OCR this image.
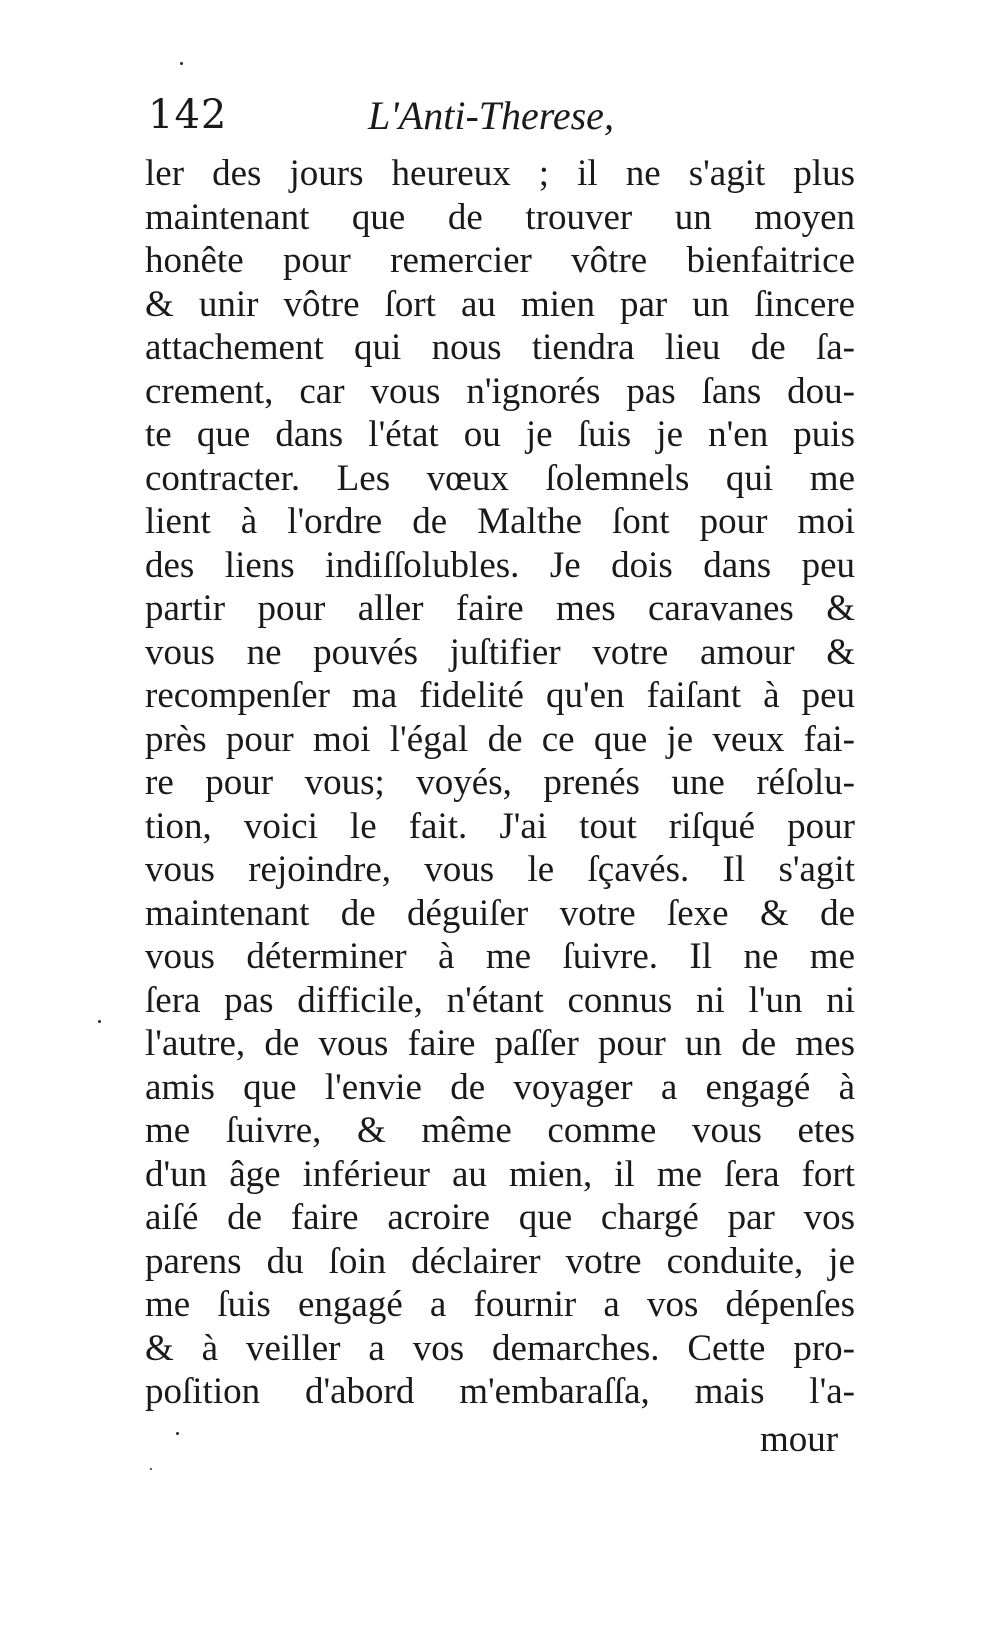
142	L'Anti-Therese,
ler des jours heureux ; il ne s'agit plus
maintenant que de trouver un moyen
honête pour remercier vôtre bienfaitrice
& unir vôtre ſort au mien par un ſincere
attachement qui nous tiendra lieu de ſa-
crement, car vous n'ignorés pas ſans dou-
te que dans l'état ou je ſuis je n'en puis
contracter. Les vœux ſolemnels qui me
lient à l'ordre de Malthe ſont pour moi
des liens indiſſolubles. Je dois dans peu
partir pour aller faire mes caravanes &
vous ne pouvés juſtifier votre amour &
recompenſer ma fidelité qu'en faiſant à peu
près pour moi l'égal de ce que je veux fai-
re pour vous; voyés, prenés une réſolu-
tion, voici le fait. J'ai tout riſqué pour
vous rejoindre, vous le ſçavés. Il s'agit
maintenant de déguiſer votre ſexe & de
vous déterminer à me ſuivre. Il ne me
ſera pas difficile, n'étant connus ni l'un ni
l'autre, de vous faire paſſer pour un de mes
amis que l'envie de voyager a engagé à
me ſuivre, & même comme vous etes
d'un âge inférieur au mien, il me ſera fort
aiſé de faire acroire que chargé par vos
parens du ſoin déclairer votre conduite, je
me ſuis engagé a fournir a vos dépenſes
& à veiller a vos demarches. Cette pro-
poſition d'abord m'embaraſſa, mais l'a-
mour
